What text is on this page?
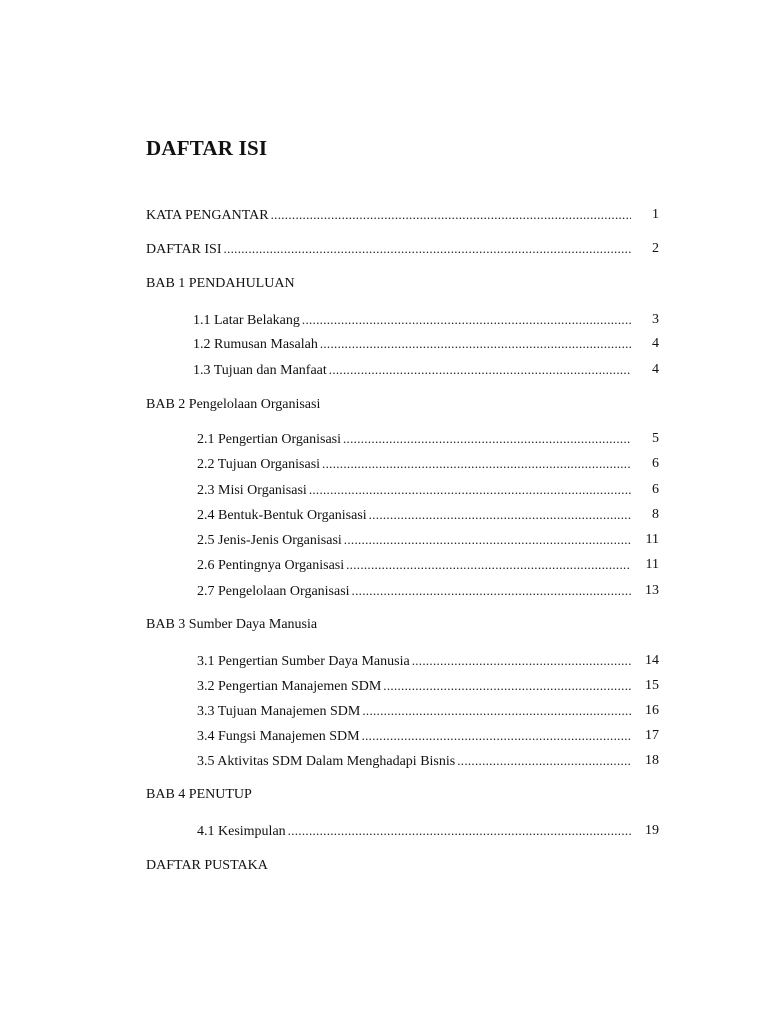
DAFTAR ISI
KATA PENGANTAR .....	1
DAFTAR ISI .....	2
BAB 1 PENDAHULUAN
1.1 Latar Belakang .....	3
1.2 Rumusan Masalah .....	4
1.3 Tujuan dan Manfaat .....	4
BAB 2 Pengelolaan Organisasi
2.1 Pengertian Organisasi .....	5
2.2 Tujuan Organisasi .....	6
2.3 Misi Organisasi .....	6
2.4 Bentuk-Bentuk Organisasi .....	8
2.5 Jenis-Jenis Organisasi .....	11
2.6 Pentingnya Organisasi .....	11
2.7 Pengelolaan Organisasi .....	13
BAB 3 Sumber Daya Manusia
3.1 Pengertian Sumber Daya Manusia .....	14
3.2 Pengertian Manajemen SDM .....	15
3.3 Tujuan Manajemen SDM .....	16
3.4 Fungsi Manajemen SDM .....	17
3.5 Aktivitas SDM Dalam Menghadapi Bisnis .....	18
BAB 4 PENUTUP
4.1 Kesimpulan .....	19
DAFTAR PUSTAKA
